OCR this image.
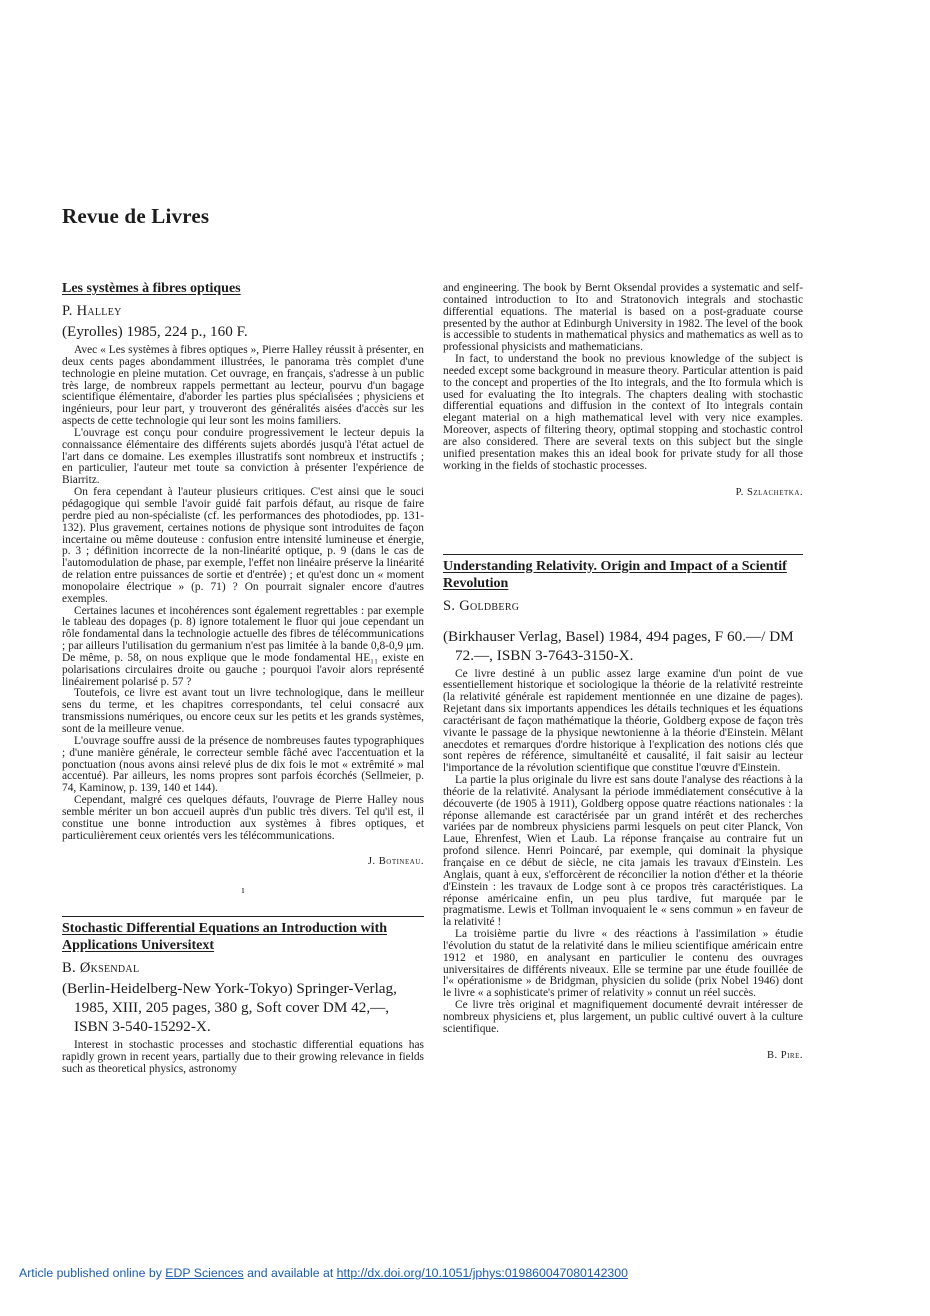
Revue de Livres
Les systèmes à fibres optiques
P. Halley
(Eyrolles) 1985, 224 p., 160 F.

Avec « Les systèmes à fibres optiques », Pierre Halley réussit à présenter, en deux cents pages abondamment illustrées, le panorama très complet d'une technologie en pleine mutation. Cet ouvrage, en français, s'adresse à un public très large, de nombreux rappels permettant au lecteur, pourvu d'un bagage scientifique élémentaire, d'aborder les parties plus spécialisées ; physiciens et ingénieurs, pour leur part, y trouveront des généralités aisées d'accès sur les aspects de cette technologie qui leur sont les moins familiers.

L'ouvrage est conçu pour conduire progressivement le lecteur depuis la connaissance élémentaire des différents sujets abordés jusqu'à l'état actuel de l'art dans ce domaine. Les exemples illustratifs sont nombreux et instructifs ; en particulier, l'auteur met toute sa conviction à présenter l'expérience de Biarritz.

On fera cependant à l'auteur plusieurs critiques. C'est ainsi que le souci pédagogique qui semble l'avoir guidé fait parfois défaut, au risque de faire perdre pied au non-spécialiste (cf. les performances des photodiodes, pp. 131-132). Plus gravement, certaines notions de physique sont introduites de façon incertaine ou même douteuse : confusion entre intensité lumineuse et énergie, p. 3 ; définition incorrecte de la non-linéarité optique, p. 9 (dans le cas de l'automodulation de phase, par exemple, l'effet non linéaire préserve la linéarité de relation entre puissances de sortie et d'entrée) ; et qu'est donc un « moment monopolaire électrique » (p. 71) ? On pourrait signaler encore d'autres exemples.

Certaines lacunes et incohérences sont également regrettables : par exemple le tableau des dopages (p. 8) ignore totalement le fluor qui joue cependant un rôle fondamental dans la technologie actuelle des fibres de télécommunications ; par ailleurs l'utilisation du germanium n'est pas limitée à la bande 0,8-0,9 μm. De même, p. 58, on nous explique que le mode fondamental HE₁₁ existe en polarisations circulaires droite ou gauche ; pourquoi l'avoir alors représenté linéairement polarisé p. 57 ?

Toutefois, ce livre est avant tout un livre technologique, dans le meilleur sens du terme, et les chapitres correspondants, tel celui consacré aux transmissions numériques, ou encore ceux sur les petits et les grands systèmes, sont de la meilleure venue.

L'ouvrage souffre aussi de la présence de nombreuses fautes typographiques ; d'une manière générale, le correcteur semble fâché avec l'accentuation et la ponctuation (nous avons ainsi relevé plus de dix fois le mot « extrêmité » mal accentué). Par ailleurs, les noms propres sont parfois écorchés (Sellmeier, p. 74, Kaminow, p. 139, 140 et 144).

Cependant, malgré ces quelques défauts, l'ouvrage de Pierre Halley nous semble mériter un bon accueil auprès d'un public très divers. Tel qu'il est, il constitue une bonne introduction aux systèmes à fibres optiques, et particulièrement ceux orientés vers les télécommunications.

J. Botineau.
ı
Stochastic Differential Equations an Introduction with Applications Universitext
B. Øksendal
(Berlin-Heidelberg-New York-Tokyo) Springer-Verlag, 1985, XIII, 205 pages, 380 g, Soft cover DM 42,—, ISBN 3-540-15292-X.

Interest in stochastic processes and stochastic differential equations has rapidly grown in recent years, partially due to their growing relevance in fields such as theoretical physics, astronomy

and engineering. The book by Bernt Oksendal provides a systematic and self-contained introduction to Ito and Stratonovich integrals and stochastic differential equations. The material is based on a post-graduate course presented by the author at Edinburgh University in 1982. The level of the book is accessible to students in mathematical physics and mathematics as well as to professional physicists and mathematicians.

In fact, to understand the book no previous knowledge of the subject is needed except some background in measure theory. Particular attention is paid to the concept and properties of the Ito integrals, and the Ito formula which is used for evaluating the Ito integrals. The chapters dealing with stochastic differential equations and diffusion in the context of Ito integrals contain elegant material on a high mathematical level with very nice examples. Moreover, aspects of filtering theory, optimal stopping and stochastic control are also considered. There are several texts on this subject but the single unified presentation makes this an ideal book for private study for all those working in the fields of stochastic processes.

P. Szlachetka.
Understanding Relativity. Origin and Impact of a Scientif Revolution
S. Goldberg
(Birkhauser Verlag, Basel) 1984, 494 pages, F 60.—/ DM 72.—, ISBN 3-7643-3150-X.

Ce livre destiné à un public assez large examine d'un point de vue essentiellement historique et sociologique la théorie de la relativité restreinte (la relativité générale est rapidement mentionnée en une dizaine de pages). Rejetant dans six importants appendices les détails techniques et les équations caractérisant de façon mathématique la théorie, Goldberg expose de façon très vivante le passage de la physique newtonienne à la théorie d'Einstein. Mêlant anecdotes et remarques d'ordre historique à l'explication des notions clés que sont repères de référence, simultanéité et causalité, il fait saisir au lecteur l'importance de la révolution scientifique que constitue l'œuvre d'Einstein.

La partie la plus originale du livre est sans doute l'analyse des réactions à la théorie de la relativité. Analysant la période immédiatement consécutive à la découverte (de 1905 à 1911), Goldberg oppose quatre réactions nationales : la réponse allemande est caractérisée par un grand intérêt et des recherches variées par de nombreux physiciens parmi lesquels on peut citer Planck, Von Laue, Ehrenfest, Wien et Laub. La réponse française au contraire fut un profond silence. Henri Poincaré, par exemple, qui dominait la physique française en ce début de siècle, ne cita jamais les travaux d'Einstein. Les Anglais, quant à eux, s'efforcèrent de réconcilier la notion d'éther et la théorie d'Einstein : les travaux de Lodge sont à ce propos très caractéristiques. La réponse américaine enfin, un peu plus tardive, fut marquée par le pragmatisme. Lewis et Tollman invoquaient le « sens commun » en faveur de la relativité !

La troisième partie du livre « des réactions à l'assimilation » étudie l'évolution du statut de la relativité dans le milieu scientifique américain entre 1912 et 1980, en analysant en particulier le contenu des ouvrages universitaires de différents niveaux. Elle se termine par une étude fouillée de l'« opérationisme » de Bridgman, physicien du solide (prix Nobel 1946) dont le livre « a sophisticate's primer of relativity » connut un réel succès.

Ce livre très original et magnifiquement documenté devrait intéresser de nombreux physiciens et, plus largement, un public cultivé ouvert à la culture scientifique.

B. Pire.
Article published online by EDP Sciences and available at http://dx.doi.org/10.1051/jphys:019860047080142300
